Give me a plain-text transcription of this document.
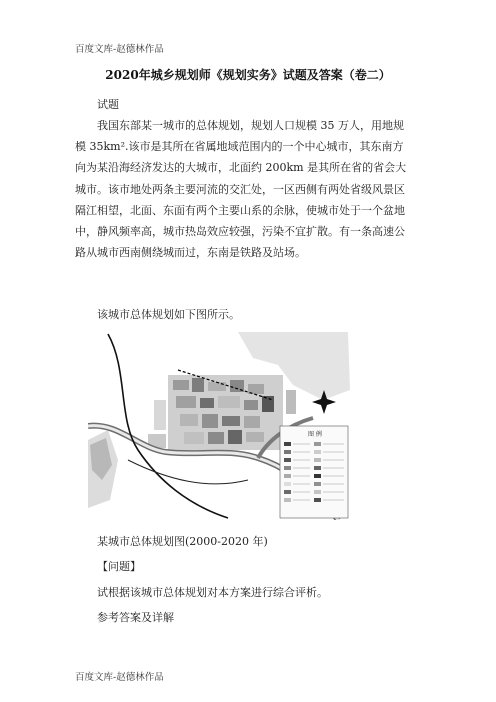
百度文库-赵德林作品
2020年城乡规划师《规划实务》试题及答案（卷二）
试题
我国东部某一城市的总体规划，规划人口规模 35 万人，用地规
模 35km².该市是其所在省属地域范围内的一个中心城市，其东南方
向为某沿海经济发达的大城市，北面约 200km 是其所在省的省会大
城市。该市地处两条主要河流的交汇处，一区西侧有两处省级风景区
隔江相望，北面、东面有两个主要山系的余脉，使城市处于一个盆地
中，静风频率高，城市热岛效应较强，污染不宜扩散。有一条高速公
路从城市西南侧绕城而过，东南是铁路及站场。
该城市总体规划如下图所示。
图 例
某城市总体规划图(2000-2020 年)
【问题】
试根据该城市总体规划对本方案进行综合评析。
参考答案及详解
百度文库-赵德林作品
